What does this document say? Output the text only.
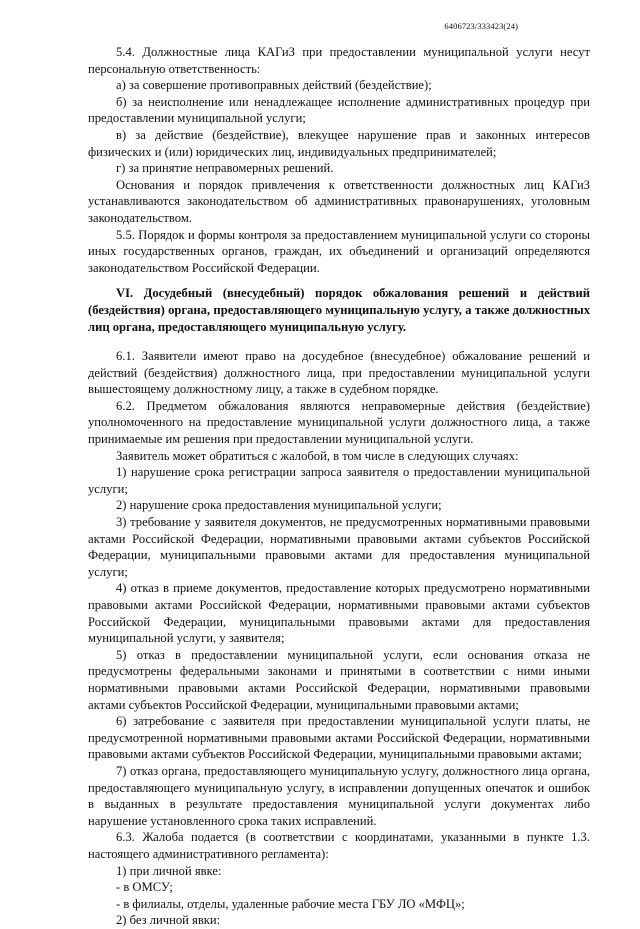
6406723/333423(24)

5.4. Должностные лица КАГиЗ при предоставлении муниципальной услуги несут персональную ответственность:

а) за совершение противоправных действий (бездействие);

б) за неисполнение или ненадлежащее исполнение административных процедур при предоставлении муниципальной услуги;

в) за действие (бездействие), влекущее нарушение прав и законных интересов физических и (или) юридических лиц, индивидуальных предпринимателей;

г) за принятие неправомерных решений.

Основания и порядок привлечения к ответственности должностных лиц КАГиЗ устанавливаются законодательством об административных правонарушениях, уголовным законодательством.

5.5. Порядок и формы контроля за предоставлением муниципальной услуги со стороны иных государственных органов, граждан, их объединений и организаций определяются законодательством Российской Федерации.

VI. Досудебный (внесудебный) порядок обжалования решений и действий (бездействия) органа, предоставляющего муниципальную услугу, а также должностных лиц органа, предоставляющего муниципальную услугу.

6.1. Заявители имеют право на досудебное (внесудебное) обжалование решений и действий (бездействия) должностного лица, при предоставлении муниципальной услуги вышестоящему должностному лицу, а также в судебном порядке.

6.2. Предметом обжалования являются неправомерные действия (бездействие) уполномоченного на предоставление муниципальной услуги должностного лица, а также принимаемые им решения при предоставлении муниципальной услуги.

Заявитель может обратиться с жалобой, в том числе в следующих случаях:

1) нарушение срока регистрации запроса заявителя о предоставлении муниципальной услуги;

2) нарушение срока предоставления муниципальной услуги;

3) требование у заявителя документов, не предусмотренных нормативными правовыми актами Российской Федерации, нормативными правовыми актами субъектов Российской Федерации, муниципальными правовыми актами для предоставления муниципальной услуги;

4) отказ в приеме документов, предоставление которых предусмотрено нормативными правовыми актами Российской Федерации, нормативными правовыми актами субъектов Российской Федерации, муниципальными правовыми актами для предоставления муниципальной услуги, у заявителя;

5) отказ в предоставлении муниципальной услуги, если основания отказа не предусмотрены федеральными законами и принятыми в соответствии с ними иными нормативными правовыми актами Российской Федерации, нормативными правовыми актами субъектов Российской Федерации, муниципальными правовыми актами;

6) затребование с заявителя при предоставлении муниципальной услуги платы, не предусмотренной нормативными правовыми актами Российской Федерации, нормативными правовыми актами субъектов Российской Федерации, муниципальными правовыми актами;

7) отказ органа, предоставляющего муниципальную услугу, должностного лица органа, предоставляющего муниципальную услугу, в исправлении допущенных опечаток и ошибок в выданных в результате предоставления муниципальной услуги документах либо нарушение установленного срока таких исправлений.

6.3. Жалоба подается (в соответствии с координатами, указанными в пункте 1.3. настоящего административного регламента):

1) при личной явке:

- в ОМСУ;

- в филиалы, отделы, удаленные рабочие места ГБУ ЛО «МФЦ»;

2) без личной явки:
